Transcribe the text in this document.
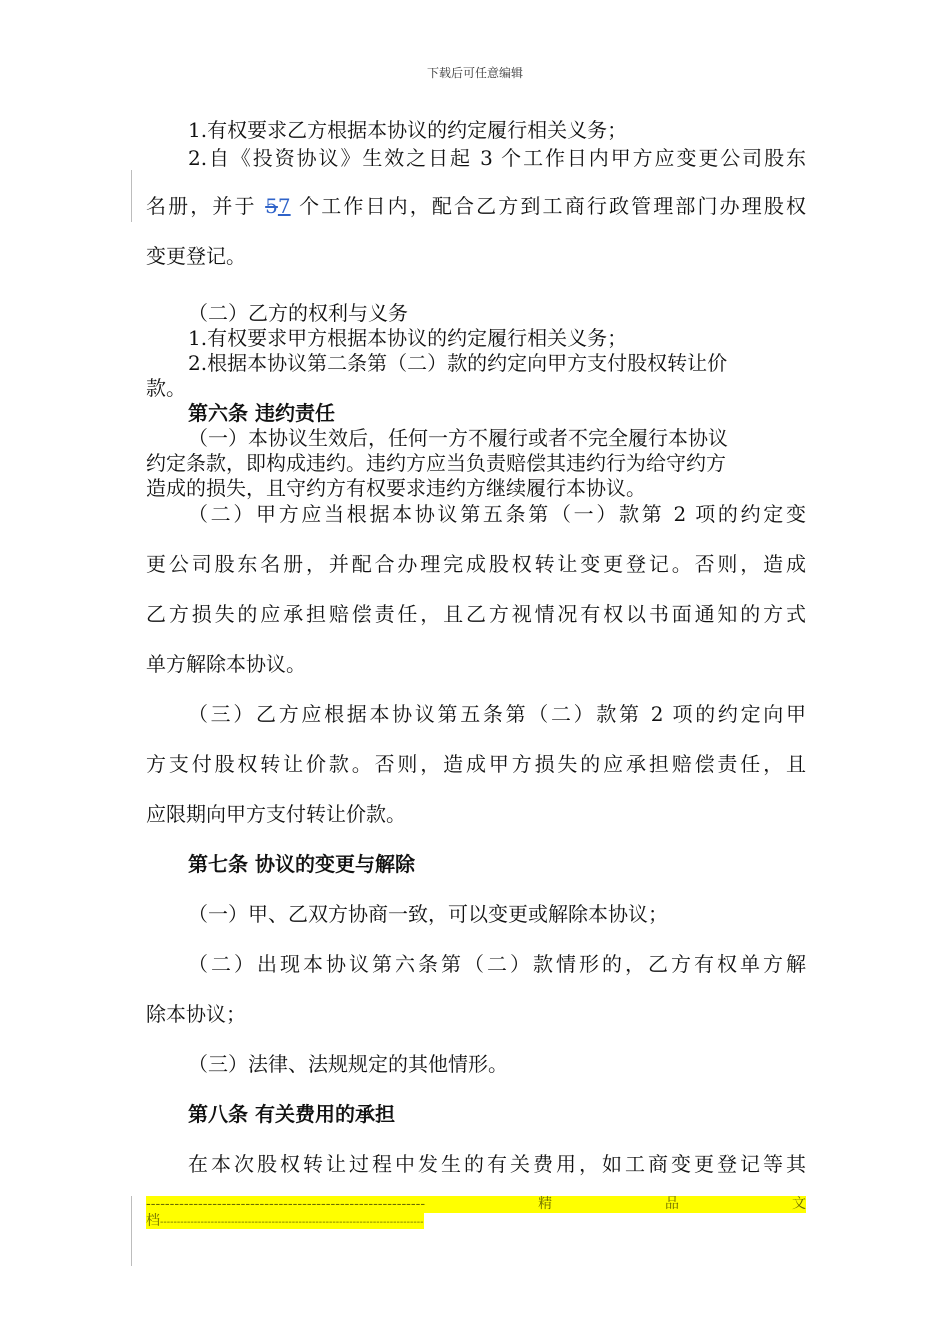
下载后可任意编辑
1.有权要求乙方根据本协议的约定履行相关义务；
2.自《投资协议》生效之日起 3 个工作日内甲方应变更公司股东
名册，并于 57 个工作日内，配合乙方到工商行政管理部门办理股权
变更登记。
（二）乙方的权利与义务
1.有权要求甲方根据本协议的约定履行相关义务；
2.根据本协议第二条第（二）款的约定向甲方支付股权转让价
款。
第六条 违约责任
（一）本协议生效后，任何一方不履行或者不完全履行本协议
约定条款，即构成违约。违约方应当负责赔偿其违约行为给守约方
造成的损失，且守约方有权要求违约方继续履行本协议。
（二）甲方应当根据本协议第五条第（一）款第 2 项的约定变
更公司股东名册，并配合办理完成股权转让变更登记。否则，造成
乙方损失的应承担赔偿责任，且乙方视情况有权以书面通知的方式
单方解除本协议。
（三）乙方应根据本协议第五条第（二）款第 2 项的约定向甲
方支付股权转让价款。否则，造成甲方损失的应承担赔偿责任，且
应限期向甲方支付转让价款。
第七条 协议的变更与解除
（一）甲、乙双方协商一致，可以变更或解除本协议；
（二）出现本协议第六条第（二）款情形的，乙方有权单方解
除本协议；
（三）法律、法规规定的其他情形。
第八条 有关费用的承担
在本次股权转让过程中发生的有关费用，如工商变更登记等其
-----------------------------------------------------------	精	品	文
档------------------------------------------------------------------------------
